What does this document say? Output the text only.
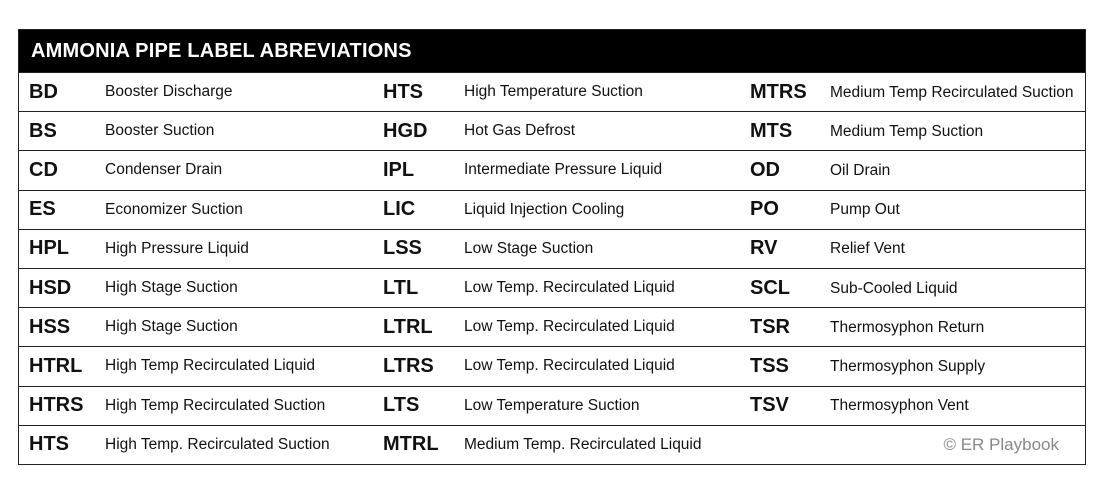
AMMONIA PIPE LABEL ABREVIATIONS
BD	Booster Discharge	HTS	High Temperature Suction	MTRS	Medium Temp Recirculated Suction
BS	Booster Suction	HGD	Hot Gas Defrost	MTS	Medium Temp Suction
CD	Condenser Drain	IPL	Intermediate Pressure Liquid	OD	Oil Drain
ES	Economizer Suction	LIC	Liquid Injection Cooling	PO	Pump Out
HPL	High Pressure Liquid	LSS	Low Stage Suction	RV	Relief Vent
HSD	High Stage Suction	LTL	Low Temp. Recirculated Liquid	SCL	Sub-Cooled Liquid
HSS	High Stage Suction	LTRL	Low Temp. Recirculated Liquid	TSR	Thermosyphon Return
HTRL	High Temp Recirculated Liquid	LTRS	Low Temp. Recirculated Liquid	TSS	Thermosyphon Supply
HTRS	High Temp Recirculated Suction	LTS	Low Temperature Suction	TSV	Thermosyphon Vent
HTS	High Temp. Recirculated Suction	MTRL	Medium Temp. Recirculated Liquid	© ER Playbook
